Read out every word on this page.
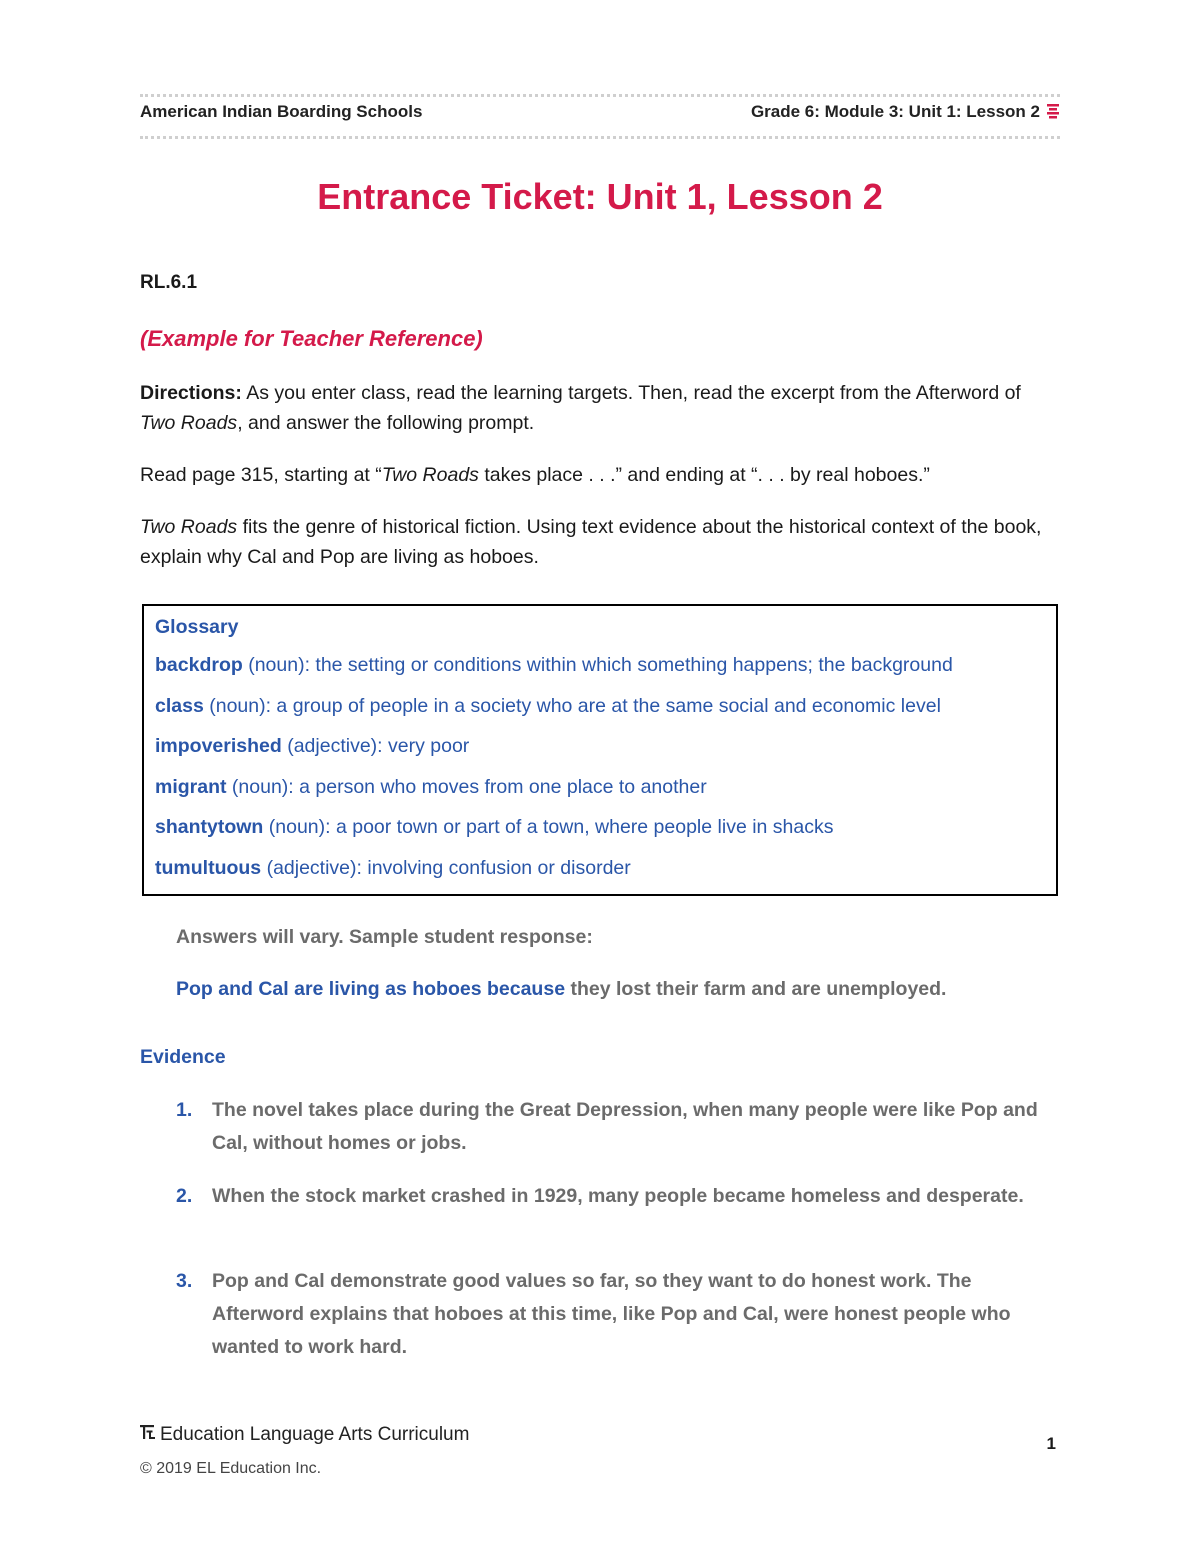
American Indian Boarding Schools	Grade 6: Module 3: Unit 1: Lesson 2
Entrance Ticket: Unit 1, Lesson 2
RL.6.1
(Example for Teacher Reference)
Directions: As you enter class, read the learning targets. Then, read the excerpt from the Afterword of Two Roads, and answer the following prompt.
Read page 315, starting at “Two Roads takes place . . .” and ending at “. . . by real hoboes.”
Two Roads fits the genre of historical fiction. Using text evidence about the historical context of the book, explain why Cal and Pop are living as hoboes.
Glossary
backdrop (noun): the setting or conditions within which something happens; the background
class (noun): a group of people in a society who are at the same social and economic level
impoverished (adjective): very poor
migrant (noun): a person who moves from one place to another
shantytown (noun): a poor town or part of a town, where people live in shacks
tumultuous (adjective): involving confusion or disorder
Answers will vary. Sample student response:
Pop and Cal are living as hoboes because they lost their farm and are unemployed.
Evidence
1. The novel takes place during the Great Depression, when many people were like Pop and Cal, without homes or jobs.
2. When the stock market crashed in 1929, many people became homeless and desperate.
3. Pop and Cal demonstrate good values so far, so they want to do honest work. The Afterword explains that hoboes at this time, like Pop and Cal, were honest people who wanted to work hard.
Education Language Arts Curriculum
© 2019 EL Education Inc.
1
